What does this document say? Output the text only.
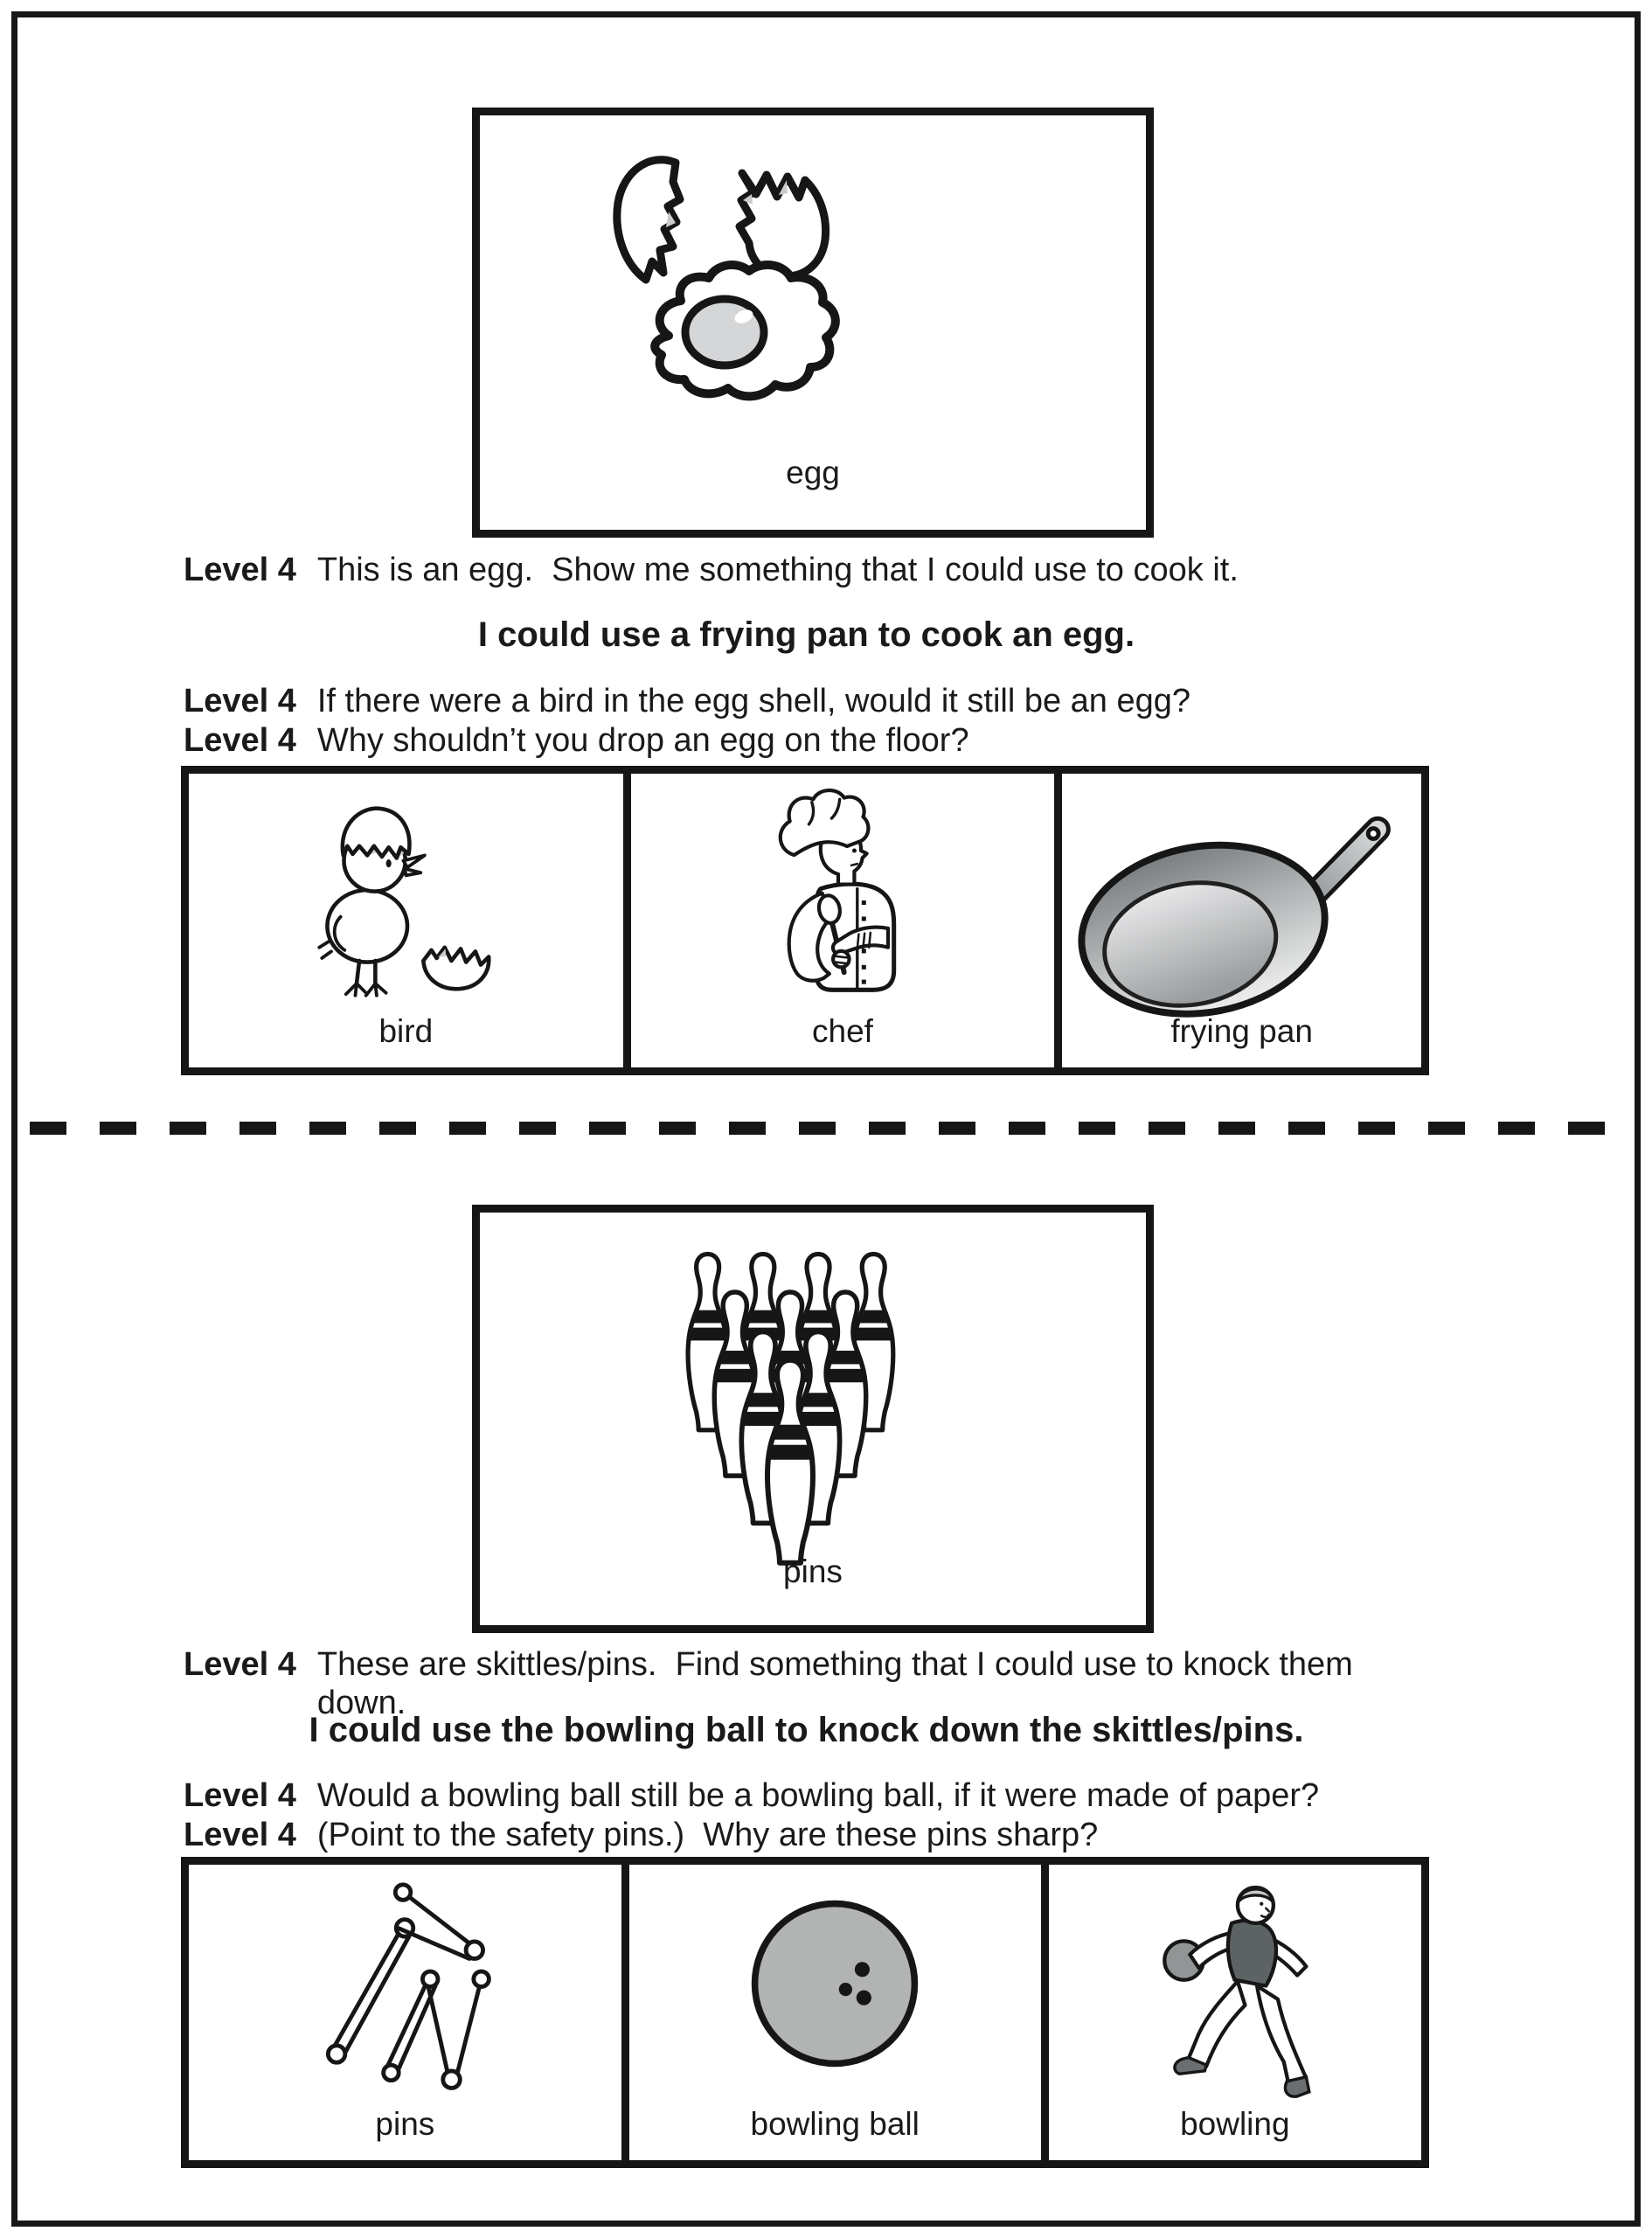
egg

Level 4 This is an egg.  Show me something that I could use to cook it.

I could use a frying pan to cook an egg.

Level 4 If there were a bird in the egg shell, would it still be an egg?

Level 4 Why shouldn’t you drop an egg on the floor?

bird	chef	frying pan
pins

Level 4 These are skittles/pins.  Find something that I could use to knock them down.

I could use the bowling ball to knock down the skittles/pins.

Level 4 Would a bowling ball still be a bowling ball, if it were made of paper?

Level 4 (Point to the safety pins.)  Why are these pins sharp?

pins	bowling ball	bowling
